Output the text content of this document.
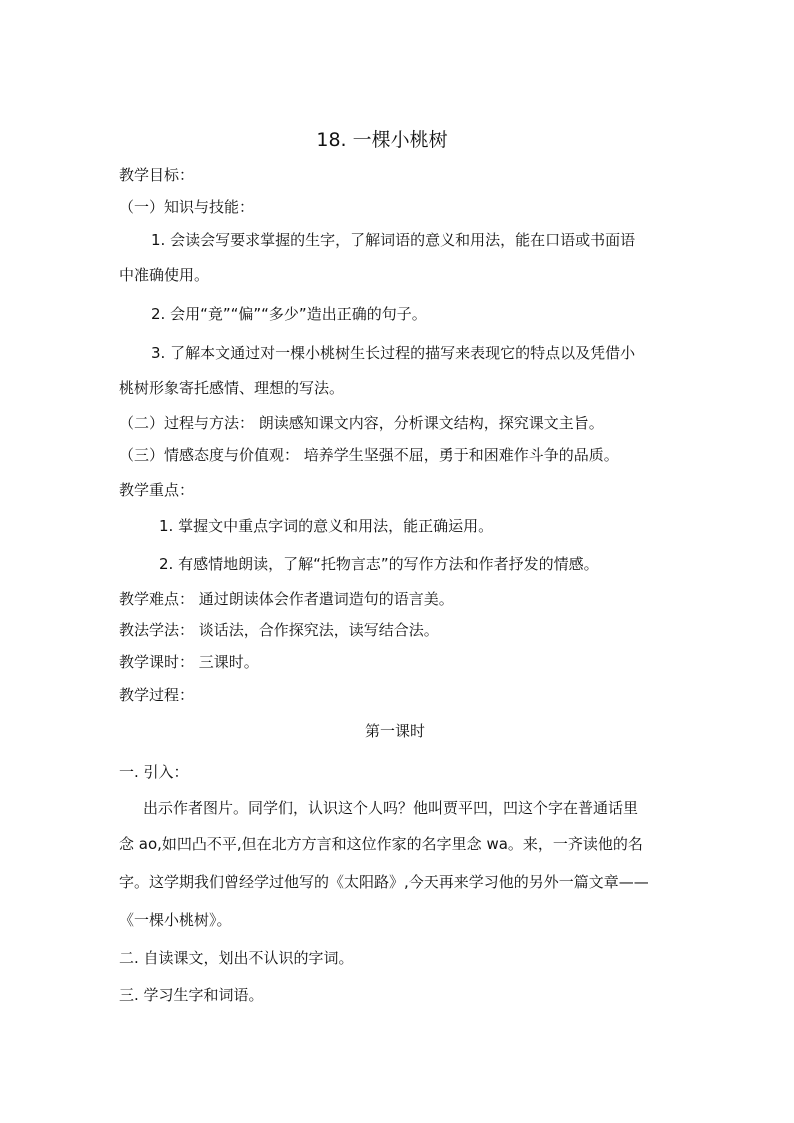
18. 一棵小桃树
教学目标：
（一）知识与技能：
1. 会读会写要求掌握的生字，了解词语的意义和用法，能在口语或书面语
中准确使用。
2. 会用“竟”“偏”“多少”造出正确的句子。
3. 了解本文通过对一棵小桃树生长过程的描写来表现它的特点以及凭借小
桃树形象寄托感情、理想的写法。
（二）过程与方法： 朗读感知课文内容，分析课文结构，探究课文主旨。
（三）情感态度与价值观： 培养学生坚强不屈，勇于和困难作斗争的品质。
教学重点：
1. 掌握文中重点字词的意义和用法，能正确运用。
2. 有感情地朗读，了解“托物言志”的写作方法和作者抒发的情感。
教学难点： 通过朗读体会作者遣词造句的语言美。
教法学法： 谈话法，合作探究法，读写结合法。
教学课时： 三课时。
教学过程：
第一课时
一. 引入：
出示作者图片。同学们，认识这个人吗？他叫贾平凹，凹这个字在普通话里
念 ao,如凹凸不平,但在北方方言和这位作家的名字里念 wa。来，一齐读他的名
字。这学期我们曾经学过他写的《太阳路》,今天再来学习他的另外一篇文章——
《一棵小桃树》。
二. 自读课文，划出不认识的字词。
三. 学习生字和词语。
